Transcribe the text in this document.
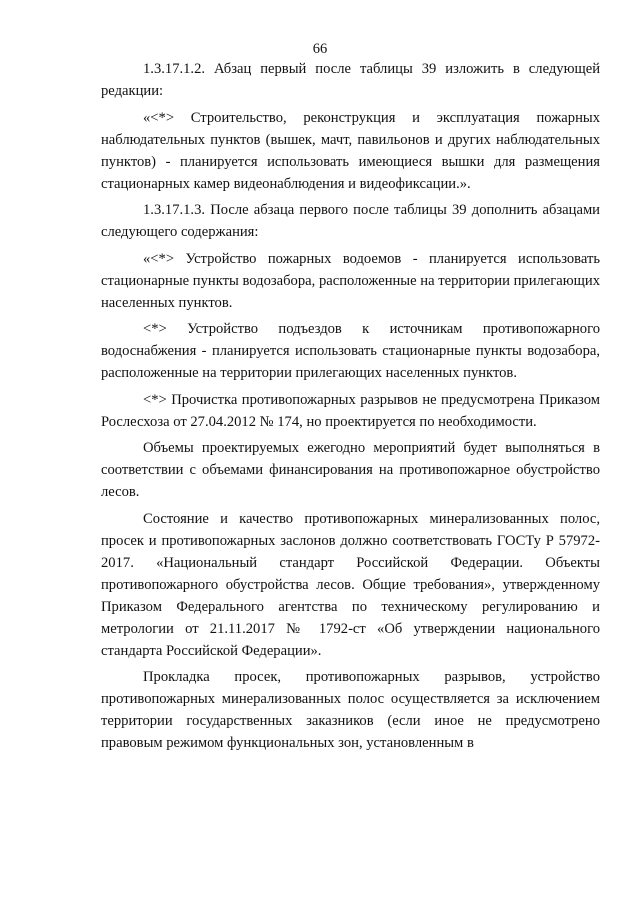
66

1.3.17.1.2. Абзац первый после таблицы 39 изложить в следующей редакции:

«<*> Строительство, реконструкция и эксплуатация пожарных наблюдательных пунктов (вышек, мачт, павильонов и других наблюдательных пунктов) - планируется использовать имеющиеся вышки для размещения стационарных камер видеонаблюдения и видеофиксации.».

1.3.17.1.3. После абзаца первого после таблицы 39 дополнить абзацами следующего содержания:

«<*> Устройство пожарных водоемов - планируется использовать стационарные пункты водозабора, расположенные на территории прилегающих населенных пунктов.

<*> Устройство подъездов к источникам противопожарного водоснабжения - планируется использовать стационарные пункты водозабора, расположенные на территории прилегающих населенных пунктов.

<*> Прочистка противопожарных разрывов не предусмотрена Приказом Рослесхоза от 27.04.2012 № 174, но проектируется по необходимости.

Объемы проектируемых ежегодно мероприятий будет выполняться в соответствии с объемами финансирования на противопожарное обустройство лесов.

Состояние и качество противопожарных минерализованных полос, просек и противопожарных заслонов должно соответствовать ГОСТу Р 57972-2017. «Национальный стандарт Российской Федерации. Объекты противопожарного обустройства лесов. Общие требования», утвержденному Приказом Федерального агентства по техническому регулированию и метрологии от 21.11.2017 № 1792-ст «Об утверждении национального стандарта Российской Федерации».

Прокладка просек, противопожарных разрывов, устройство противопожарных минерализованных полос осуществляется за исключением территории государственных заказников (если иное не предусмотрено правовым режимом функциональных зон, установленным в
